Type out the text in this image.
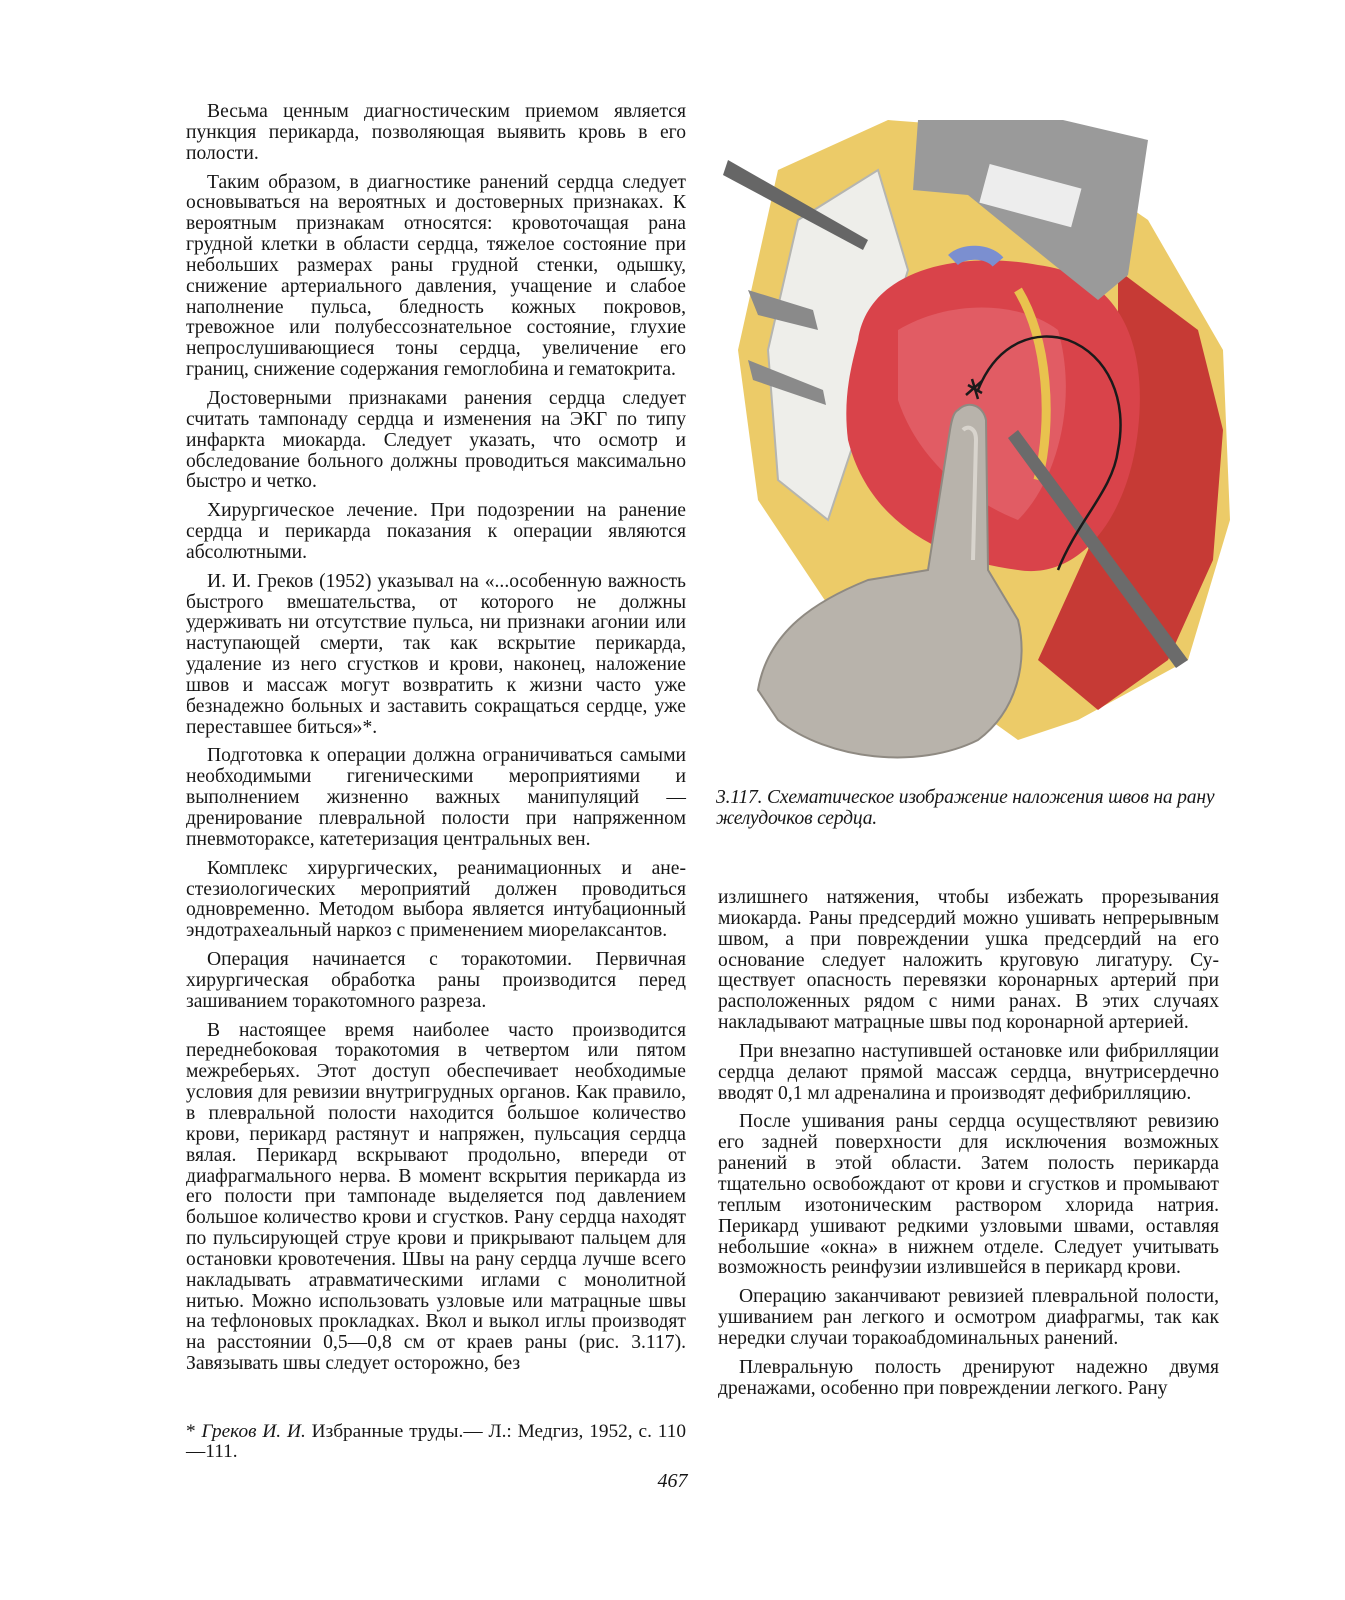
Весьма ценным диагностическим приемом является пункция перикарда, позволяющая выявить кровь в его полости.

Таким образом, в диагностике ранений сердца следует основываться на вероятных и достоверных признаках. К вероятным признакам относятся: кровоточащая рана грудной клетки в области сердца, тяжелое состояние при небольших размерах раны грудной стенки, одышку, снижение артериального давления, учащение и слабое наполнение пульса, бледность кожных покровов, тревожное или полубессознательное состояние, глухие непрослушивающиеся тоны сердца, увеличение его границ, снижение содержания гемоглобина и гематокрита.

Достоверными признаками ранения сердца следует считать тампонаду сердца и изменения на ЭКГ по типу инфаркта миокарда. Следует указать, что осмотр и обследование больного должны проводиться максимально быстро и четко.

Хирургическое лечение. При подозрении на ранение сердца и перикарда показания к операции являются абсолютными.

И. И. Греков (1952) указывал на «...особенную важность быстрого вмешательства, от которого не должны удерживать ни отсутствие пульса, ни признаки агонии или наступающей смерти, так как вскрытие перикарда, удаление из него сгустков и крови, наконец, наложение швов и массаж могут возвратить к жизни часто уже безнадежно больных и заставить сокращаться сердце, уже переставшее биться»*.

Подготовка к операции должна ограничиваться самыми необходимыми гигеническими мероприятиями и выполнением жизненно важных манипуляций — дренирование плевральной полости при напряженном пневмотораксе, катетеризация центральных вен.

Комплекс хирургических, реанимационных и анестезиологических мероприятий должен проводиться одновременно. Методом выбора является интубационный эндотрахеальный наркоз с применением миорелаксантов.

Операция начинается с торакотомии. Первичная хирургическая обработка раны производится перед зашиванием торакотомного разреза.

В настоящее время наиболее часто производится переднебоковая торакотомия в четвертом или пятом межреберьях. Этот доступ обеспечивает необходимые условия для ревизии внутригрудных органов. Как правило, в плевральной полости находится большое количество крови, перикард растянут и напряжен, пульсация сердца вялая. Перикард вскрывают продольно, впереди от диафрагмального нерва. В момент вскрытия перикарда из его полости при тампонаде выделяется под давлением большое количество крови и сгустков. Рану сердца находят по пульсирующей струе крови и прикрывают пальцем для остановки кровотечения. Швы на рану сердца лучше всего накладывать атравматическими иглами с монолитной нитью. Можно использовать узловые или матрацные швы на тефлоновых прокладках. Вкол и выкол иглы производят на расстоянии 0,5—0,8 см от краев раны (рис. 3.117). Завязывать швы следует осторожно, без

3.117. Схематическое изображение наложения швов на рану желудочков сердца.

излишнего натяжения, чтобы избежать прорезывания миокарда. Раны предсердий можно ушивать непрерывным швом, а при повреждении ушка предсердий на его основание следует наложить круговую лигатуру. Существует опасность перевязки коронарных артерий при расположенных рядом с ними ранах. В этих случаях накладывают матрацные швы под коронарной артерией.

При внезапно наступившей остановке или фибрилляции сердца делают прямой массаж сердца, внутрисердечно вводят 0,1 мл адреналина и производят дефибрилляцию.

После ушивания раны сердца осуществляют ревизию его задней поверхности для исключения возможных ранений в этой области. Затем полость перикарда тщательно освобождают от крови и сгустков и промывают теплым изотоническим раствором хлорида натрия. Перикард ушивают редкими узловыми швами, оставляя небольшие «окна» в нижнем отделе. Следует учитывать возможность реинфузии излившейся в перикард крови.

Операцию заканчивают ревизией плевральной полости, ушиванием ран легкого и осмотром диафрагмы, так как нередки случаи торакоабдоминальных ранений.

Плевральную полость дренируют надежно двумя дренажами, особенно при повреждении легкого. Рану

* Греков И. И. Избранные труды.— Л.: Медгиз, 1952, с. 110—111.
467
